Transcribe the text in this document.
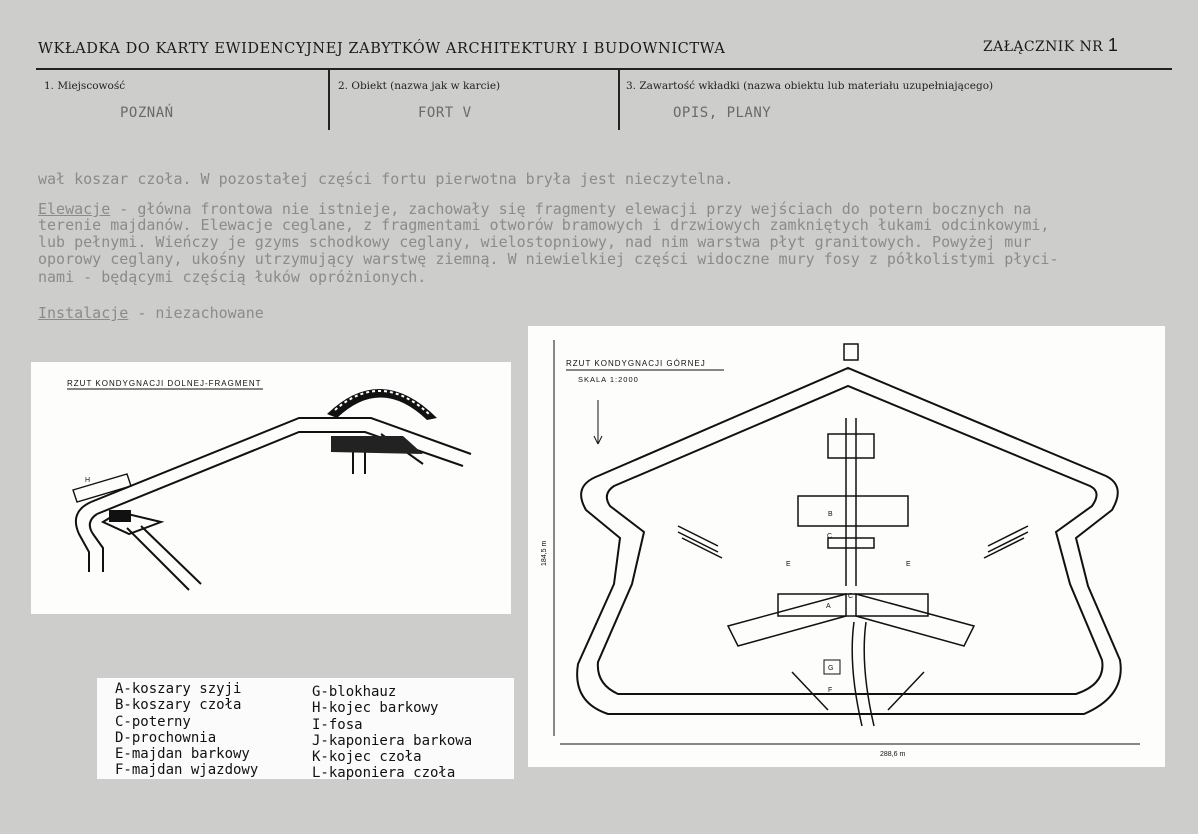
WKŁADKA DO KARTY EWIDENCYJNEJ ZABYTKÓW ARCHITEKTURY I BUDOWNICTWA	ZAŁĄCZNIK NR 1
1. Miejscowość
POZNAŃ
2. Obiekt (nazwa jak w karcie)
FORT V
3. Zawartość wkładki (nazwa obiektu lub materiału uzupełniającego)
OPIS, PLANY
wał koszar czoła. W pozostałej części fortu pierwotna bryła jest nieczytelna.
Elewacje - główna frontowa nie istnieje, zachowały się fragmenty elewacji przy wejściach do potern bocznych na
terenie majdanów. Elewacje ceglane, z fragmentami otworów bramowych i drzwiowych zamkniętych łukami odcinkowymi,
lub pełnymi. Wieńczy je gzyms schodkowy ceglany, wielostopniowy, nad nim warstwa płyt granitowych. Powyżej mur
oporowy ceglany, ukośny utrzymujący warstwę ziemną. W niewielkiej części widoczne mury fosy z półkolistymi płyci-
nami - będącymi częścią łuków opróżnionych.
Instalacje - niezachowane
RZUT KONDYGNACJI DOLNEJ-FRAGMENT
K
H
RZUT KONDYGNACJI GÓRNEJ
SKALA 1:2000
184,5 m
288,6 m
B
C
E	E
A
C
G
F
A-koszary szyji
B-koszary czoła
C-poterny
D-prochownia
E-majdan barkowy
F-majdan wjazdowy
G-blokhauz
H-kojec barkowy
I-fosa
J-kaponiera barkowa
K-kojec czoła
L-kaponiera czoła
